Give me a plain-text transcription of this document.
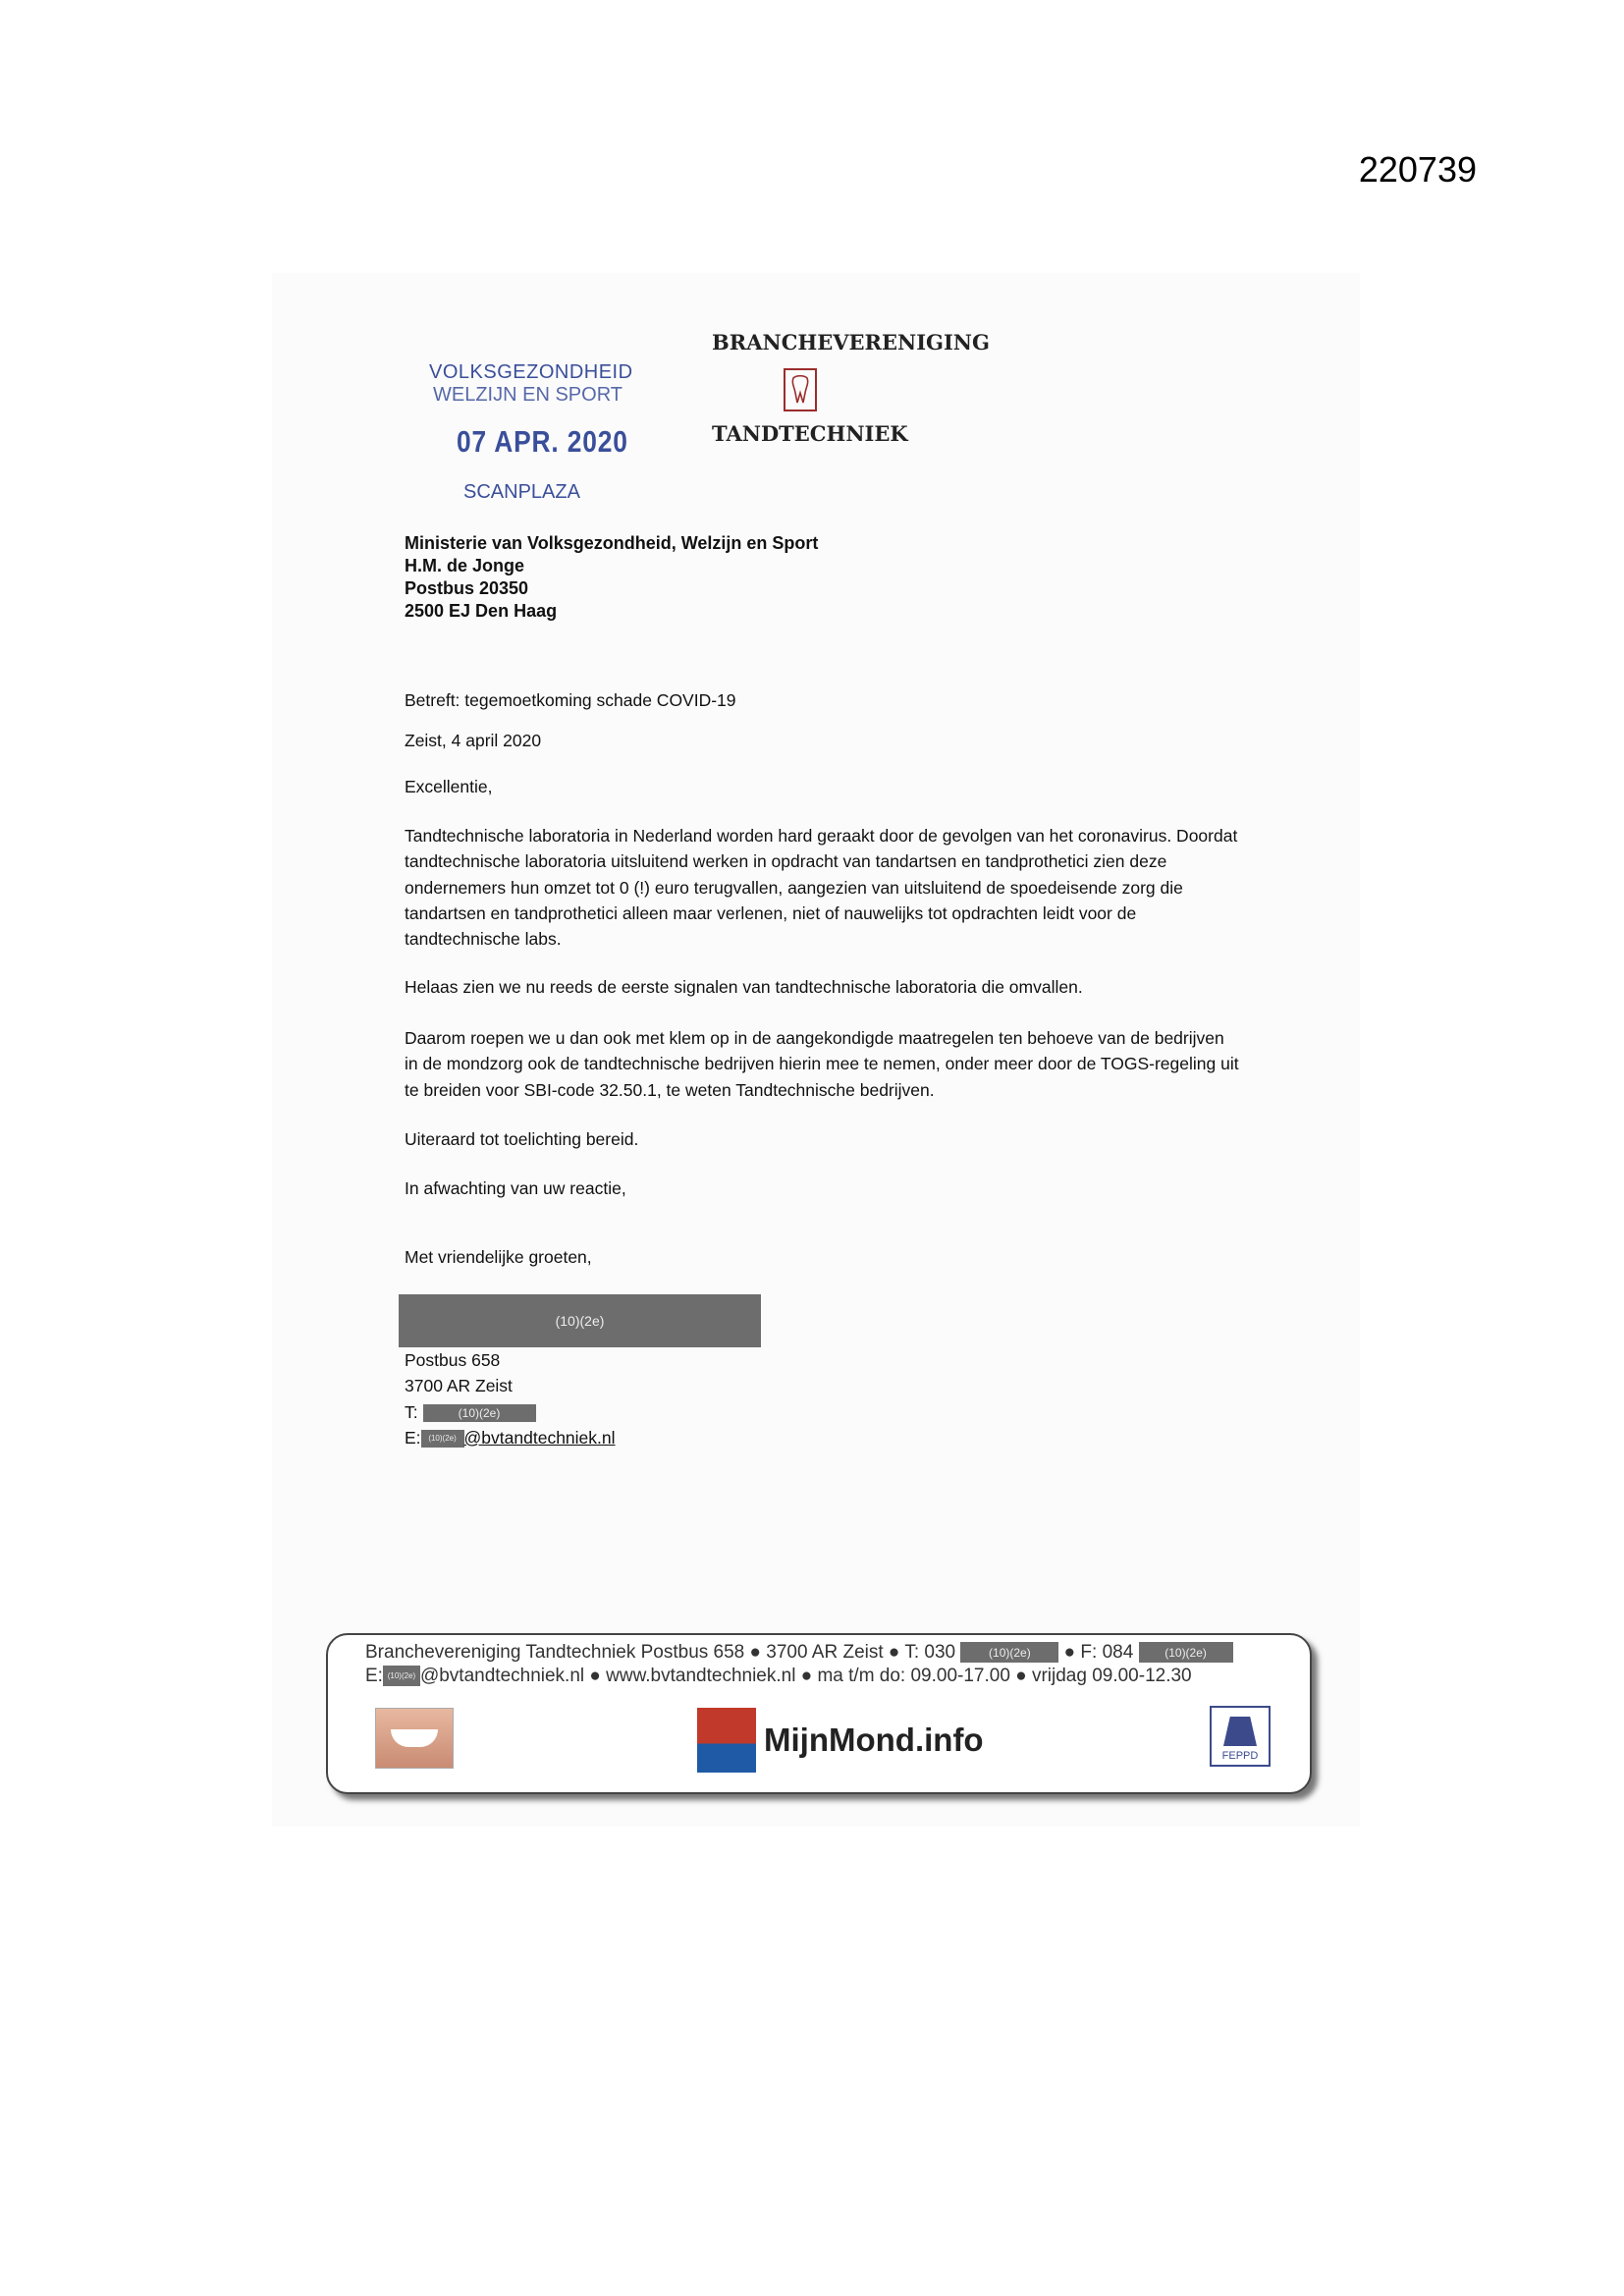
220739
VOLKSGEZONDHEID
WELZIJN EN SPORT
07 APR. 2020
SCANPLAZA
BRANCHEVERENIGING
TANDTECHNIEK
Ministerie van Volksgezondheid, Welzijn en Sport
H.M. de Jonge
Postbus 20350
2500 EJ Den Haag
Betreft: tegemoetkoming schade COVID-19
Zeist, 4 april 2020
Excellentie,
Tandtechnische laboratoria in Nederland worden hard geraakt door de gevolgen van het coronavirus. Doordat tandtechnische laboratoria uitsluitend werken in opdracht van tandartsen en tandprothetici zien deze ondernemers hun omzet tot 0 (!) euro terugvallen, aangezien van uitsluitend de spoedeisende zorg die tandartsen en tandprothetici alleen maar verlenen, niet of nauwelijks tot opdrachten leidt voor de tandtechnische labs.
Helaas zien we nu reeds de eerste signalen van tandtechnische laboratoria die omvallen.
Daarom roepen we u dan ook met klem op in de aangekondigde maatregelen ten behoeve van de bedrijven in de mondzorg ook de tandtechnische bedrijven hierin mee te nemen, onder meer door de TOGS-regeling uit te breiden voor SBI-code 32.50.1, te weten Tandtechnische bedrijven.
Uiteraard tot toelichting bereid.
In afwachting van uw reactie,
Met vriendelijke groeten,
(10)(2e)
Postbus 658
3700 AR Zeist
T:	(10)(2e)
E: (10)(2e) @bvtandtechniek.nl
Branchevereniging Tandtechniek Postbus 658 ● 3700 AR Zeist ● T: 030	(10)(2e) ● F: 084	(10)(2e)
E: (10)(2e) @bvtandtechniek.nl ● www.bvtandtechniek.nl ● ma t/m do: 09.00-17.00 ● vrijdag 09.00-12.30
MijnMond.info	FEPPD
